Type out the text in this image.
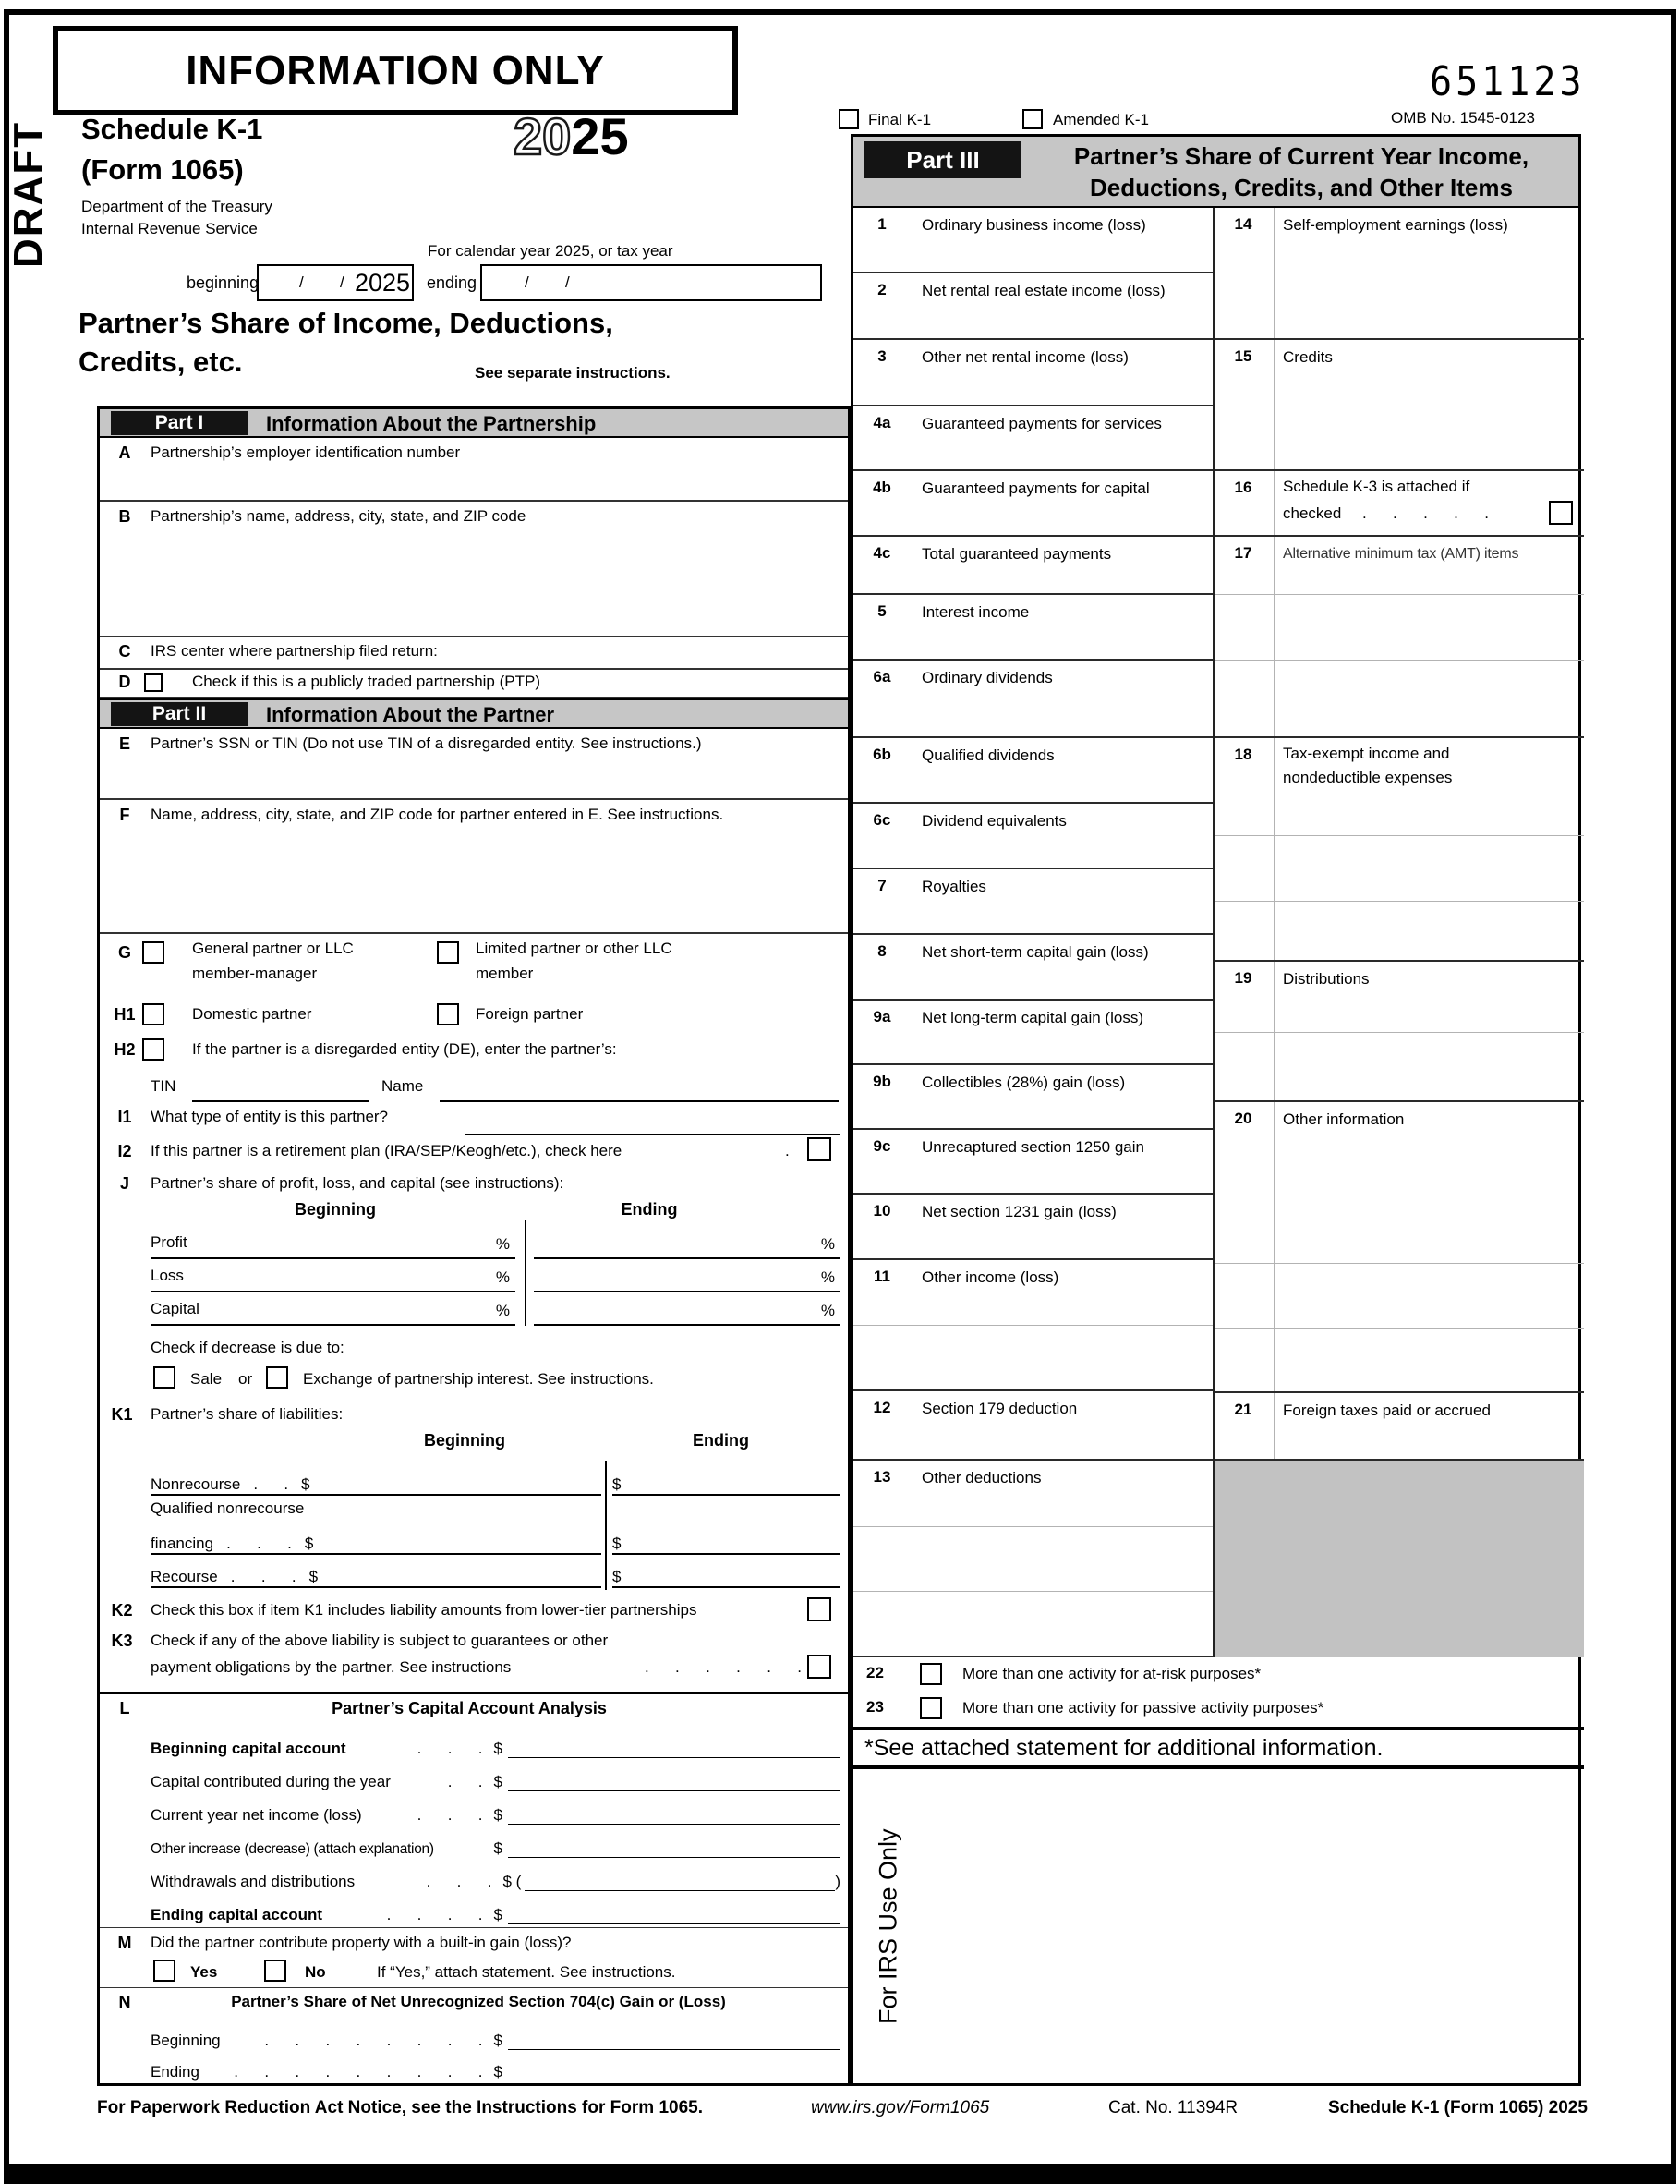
DRAFT
INFORMATION ONLY	651123
OMB No. 1545-0123
Final K-1	Amended K-1
Schedule K-1
(Form 1065)
Department of the Treasury
Internal Revenue Service
2025
For calendar year 2025, or tax year
beginning	/ / 2025 ending	/ /
Partner’s Share of Income, Deductions,
Credits, etc.	See separate instructions.
Part I	Information About the Partnership
A	Partnership’s employer identification number
B	Partnership’s name, address, city, state, and ZIP code
C	IRS center where partnership filed return:
D	Check if this is a publicly traded partnership (PTP)
Part II	Information About the Partner
E	Partner’s SSN or TIN (Do not use TIN of a disregarded entity. See instructions.)
F	Name, address, city, state, and ZIP code for partner entered in E. See instructions.
G	General partner or LLC
member-manager
Limited partner or other LLC
member
H1	Domestic partner	Foreign partner
H2	If the partner is a disregarded entity (DE), enter the partner’s:
TIN	Name
I1	What type of entity is this partner?
I2	If this partner is a retirement plan (IRA/SEP/Keogh/etc.), check here	.
J	Partner’s share of profit, loss, and capital (see instructions):
Beginning	Ending
Profit	%	%
Loss	%	%
Capital	%	%
Check if decrease is due to:
Sale or	Exchange of partnership interest. See instructions.
K1	Partner’s share of liabilities:
Beginning	Ending
Nonrecourse .      . $	$
Qualified nonrecourse
financing .      .      . $	$
Recourse .      .      . $	$
K2	Check this box if item K1 includes liability amounts from lower-tier partnerships
K3	Check if any of the above liability is subject to guarantees or other
payment obligations by the partner. See instructions	.      .      .      .      .      .
L	Partner’s Capital Account Analysis
Beginning capital account	.      .      . $
Capital contributed during the year	.      . $
Current year net income (loss)	.      .      . $
Other increase (decrease) (attach explanation)	$
Withdrawals and distributions	.      .      . $ (	)
Ending capital account	.      .      .      . $
M	Did the partner contribute property with a built-in gain (loss)?
Yes	No	If “Yes,” attach statement. See instructions.
N	Partner’s Share of Net Unrecognized Section 704(c) Gain or (Loss)
Beginning	.      .      .      .      .      .      .      . $
Ending .      .      .      .      .      .      .      .      . $
Part III	Partner’s Share of Current Year Income,
Deductions, Credits, and Other Items
1	Ordinary business income (loss)
2	Net rental real estate income (loss)
3	Other net rental income (loss)
4a	Guaranteed payments for services
4b	Guaranteed payments for capital
4c	Total guaranteed payments
5	Interest income
6a	Ordinary dividends
6b	Qualified dividends
6c	Dividend equivalents
7	Royalties
8	Net short-term capital gain (loss)
9a	Net long-term capital gain (loss)
9b	Collectibles (28%) gain (loss)
9c	Unrecaptured section 1250 gain
10	Net section 1231 gain (loss)
11	Other income (loss)
12	Section 179 deduction
13	Other deductions
14	Self-employment earnings (loss)
15	Credits
16	Schedule K-3 is attached if
checked .      .      .      .      .
17	Alternative minimum tax (AMT) items
18	Tax-exempt income and
nondeductible expenses
19	Distributions
20	Other information
21	Foreign taxes paid or accrued
22	More than one activity for at-risk purposes*
23	More than one activity for passive activity purposes*
*See attached statement for additional information.
For IRS Use Only
For Paperwork Reduction Act Notice, see the Instructions for Form 1065.	www.irs.gov/Form1065	Cat. No. 11394R	Schedule K-1 (Form 1065) 2025
